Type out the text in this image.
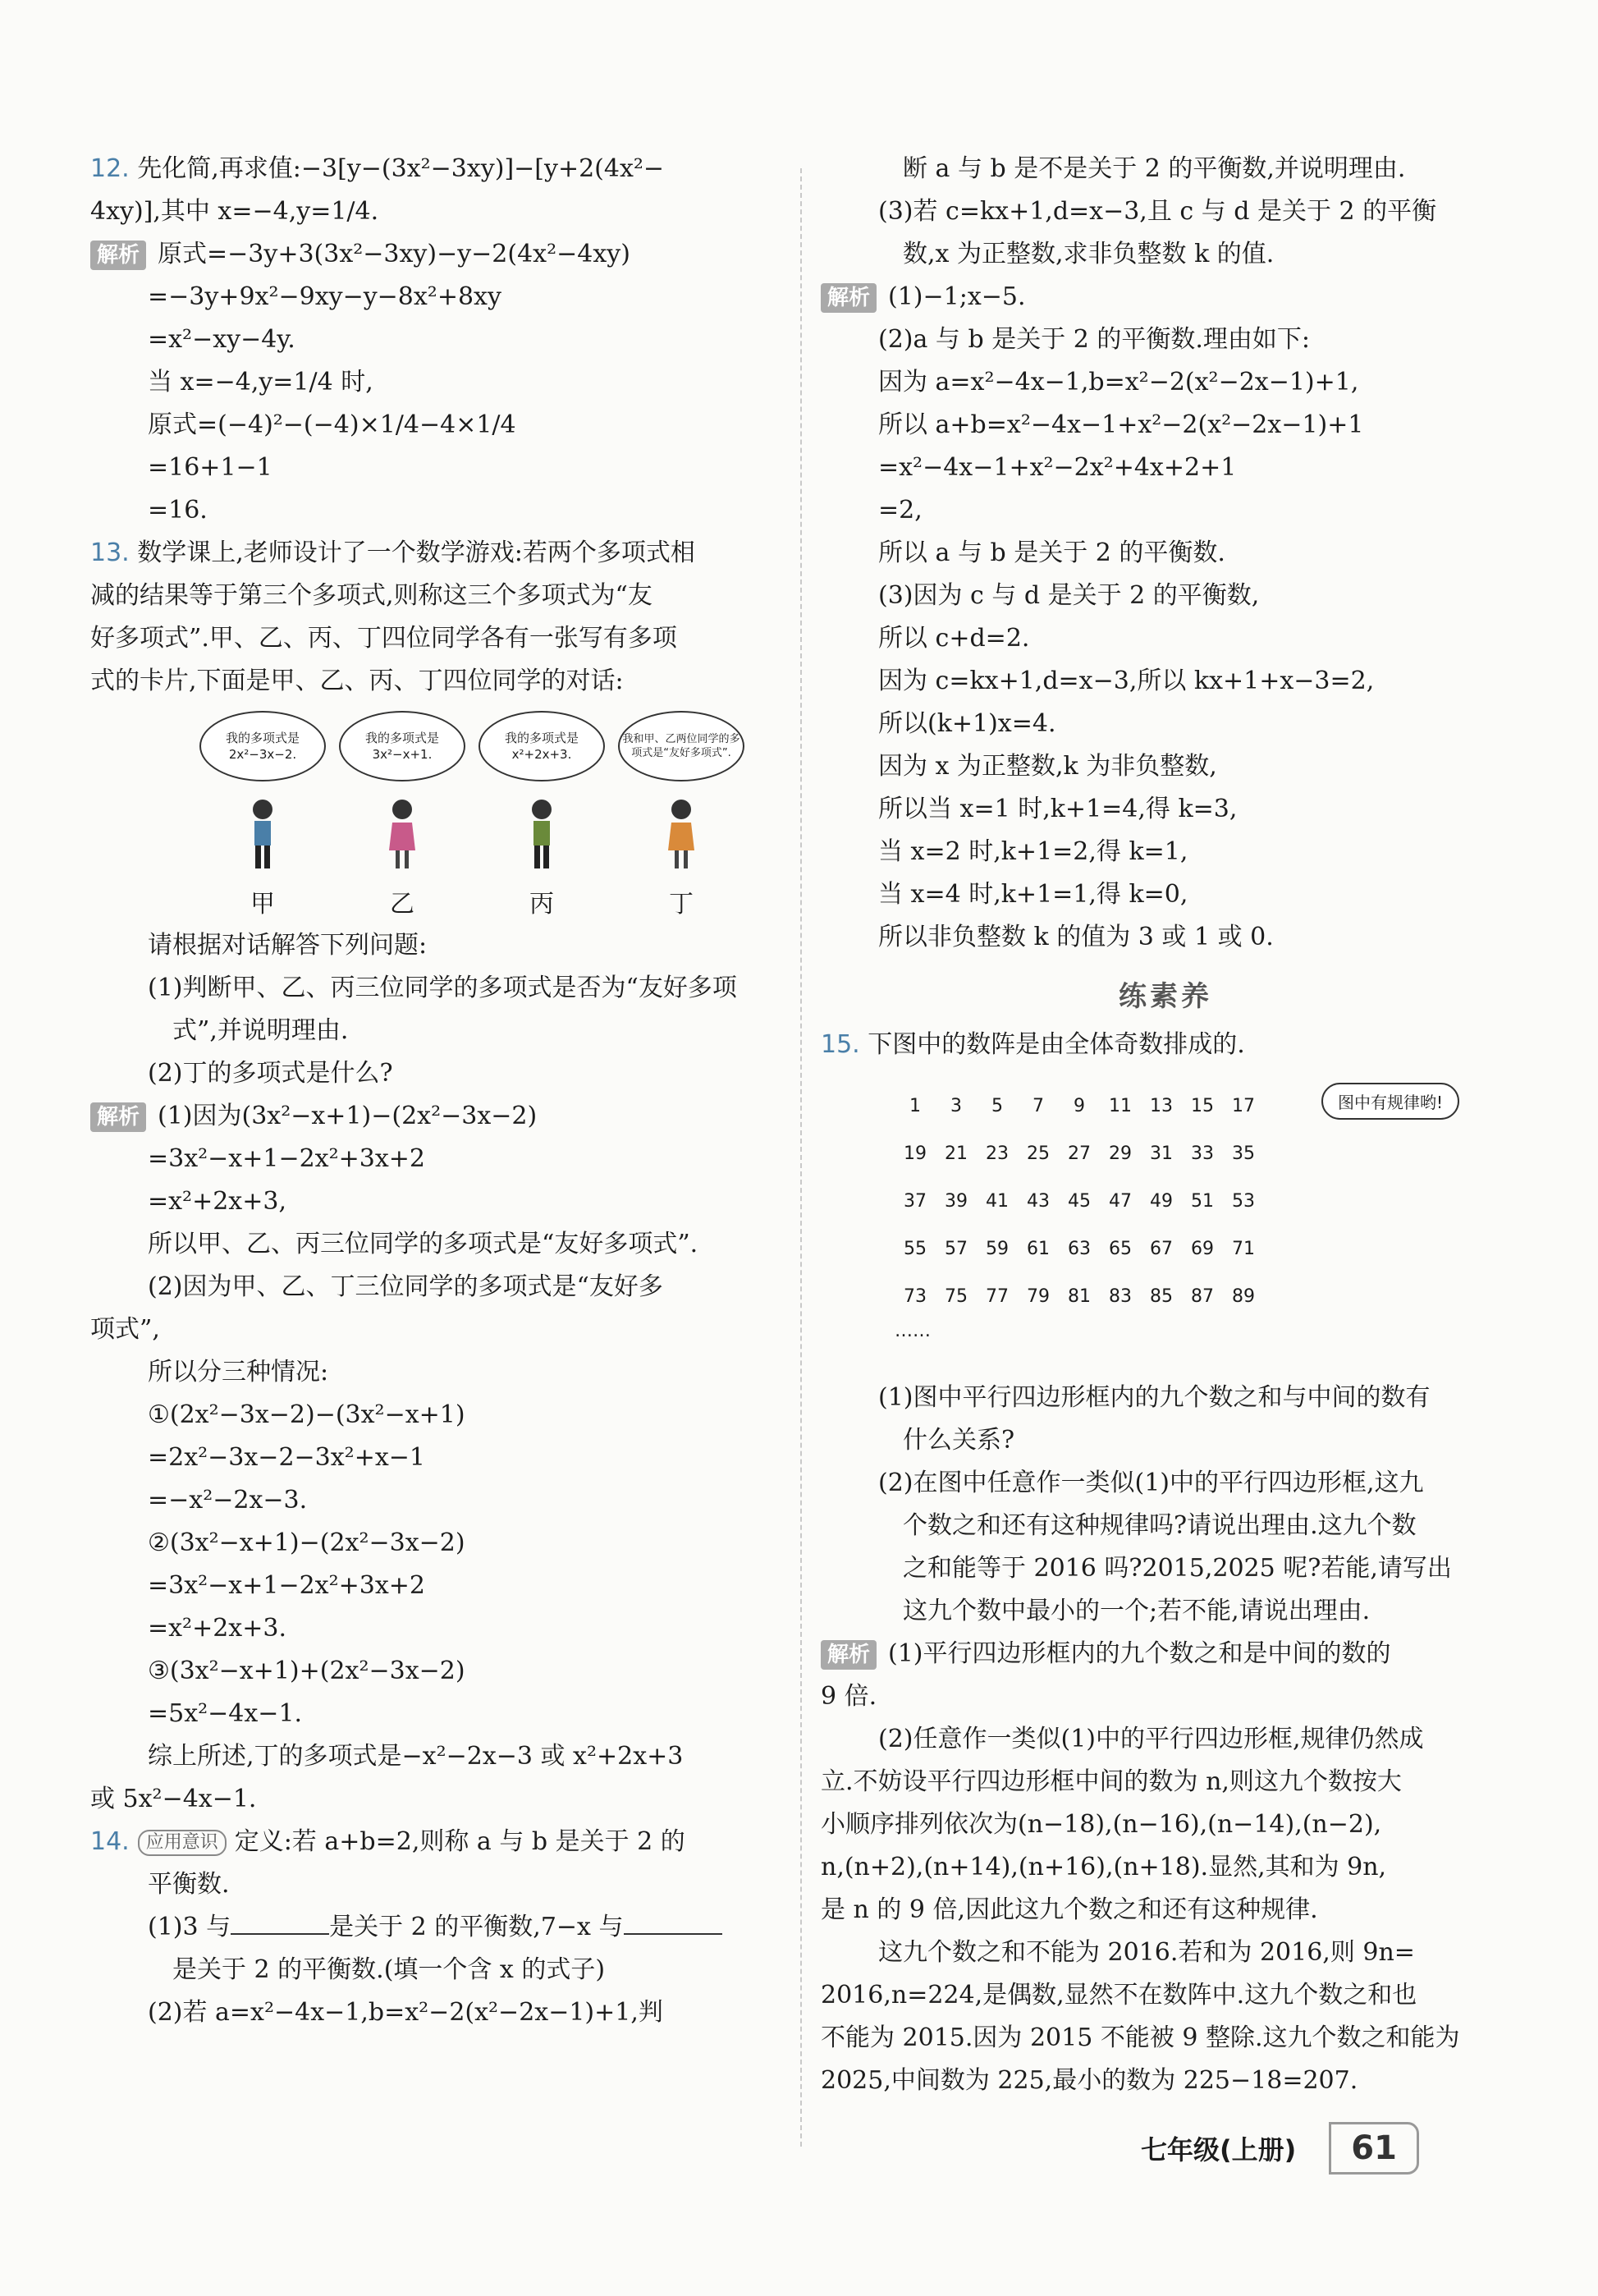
12. 先化简,再求值:−3[y−(3x²−3xy)]−[y+2(4x²−
4xy)],其中 x=−4,y=1/4.
解析 原式=−3y+3(3x²−3xy)−y−2(4x²−4xy)
=−3y+9x²−9xy−y−8x²+8xy
=x²−xy−4y.
当 x=−4,y=1/4 时,
原式=(−4)²−(−4)×1/4−4×1/4
=16+1−1
=16.
13. 数学课上,老师设计了一个数学游戏:若两个多项式相
减的结果等于第三个多项式,则称这三个多项式为“友
好多项式”.甲、乙、丙、丁四位同学各有一张写有多项
式的卡片,下面是甲、乙、丙、丁四位同学的对话:
我的多项式是 2x²−3x−2.
甲
我的多项式是 3x²−x+1.
乙
我的多项式是 x²+2x+3.
丙
我和甲、乙两位同学的多项式是“友好多项式”.
丁
请根据对话解答下列问题:
(1)判断甲、乙、丙三位同学的多项式是否为“友好多项
式”,并说明理由.
(2)丁的多项式是什么?
解析 (1)因为(3x²−x+1)−(2x²−3x−2)
=3x²−x+1−2x²+3x+2
=x²+2x+3,
所以甲、乙、丙三位同学的多项式是“友好多项式”.
(2)因为甲、乙、丁三位同学的多项式是“友好多
项式”,
所以分三种情况:
①(2x²−3x−2)−(3x²−x+1)
=2x²−3x−2−3x²+x−1
=−x²−2x−3.
②(3x²−x+1)−(2x²−3x−2)
=3x²−x+1−2x²+3x+2
=x²+2x+3.
③(3x²−x+1)+(2x²−3x−2)
=5x²−4x−1.
综上所述,丁的多项式是−x²−2x−3 或 x²+2x+3
或 5x²−4x−1.
14. 应用意识 定义:若 a+b=2,则称 a 与 b 是关于 2 的
平衡数.
(1)3 与	是关于 2 的平衡数,7−x 与
是关于 2 的平衡数.(填一个含 x 的式子)
(2)若 a=x²−4x−1,b=x²−2(x²−2x−1)+1,判
断 a 与 b 是不是关于 2 的平衡数,并说明理由.
(3)若 c=kx+1,d=x−3,且 c 与 d 是关于 2 的平衡
数,x 为正整数,求非负整数 k 的值.
解析 (1)−1;x−5.
(2)a 与 b 是关于 2 的平衡数.理由如下:
因为 a=x²−4x−1,b=x²−2(x²−2x−1)+1,
所以 a+b=x²−4x−1+x²−2(x²−2x−1)+1
=x²−4x−1+x²−2x²+4x+2+1
=2,
所以 a 与 b 是关于 2 的平衡数.
(3)因为 c 与 d 是关于 2 的平衡数,
所以 c+d=2.
因为 c=kx+1,d=x−3,所以 kx+1+x−3=2,
所以(k+1)x=4.
因为 x 为正整数,k 为非负整数,
所以当 x=1 时,k+1=4,得 k=3,
当 x=2 时,k+1=2,得 k=1,
当 x=4 时,k+1=1,得 k=0,
所以非负整数 k 的值为 3 或 1 或 0.
练素养
15. 下图中的数阵是由全体奇数排成的.
图中有规律哟!
1	3	5	7	9	11	13	15	17
19	21	23	25	27	29	31	33	35
37	39	41	43	45	47	49	51	53
55	57	59	61	63	65	67	69	71
73	75	77	79	81	83	85	87	89
……
(1)图中平行四边形框内的九个数之和与中间的数有
什么关系?
(2)在图中任意作一类似(1)中的平行四边形框,这九
个数之和还有这种规律吗?请说出理由.这九个数
之和能等于 2016 吗?2015,2025 呢?若能,请写出
这九个数中最小的一个;若不能,请说出理由.
解析 (1)平行四边形框内的九个数之和是中间的数的
9 倍.
(2)任意作一类似(1)中的平行四边形框,规律仍然成
立.不妨设平行四边形框中间的数为 n,则这九个数按大
小顺序排列依次为(n−18),(n−16),(n−14),(n−2),
n,(n+2),(n+14),(n+16),(n+18).显然,其和为 9n,
是 n 的 9 倍,因此这九个数之和还有这种规律.
这九个数之和不能为 2016.若和为 2016,则 9n=
2016,n=224,是偶数,显然不在数阵中.这九个数之和也
不能为 2015.因为 2015 不能被 9 整除.这九个数之和能为
2025,中间数为 225,最小的数为 225−18=207.
七年级(上册)	61
